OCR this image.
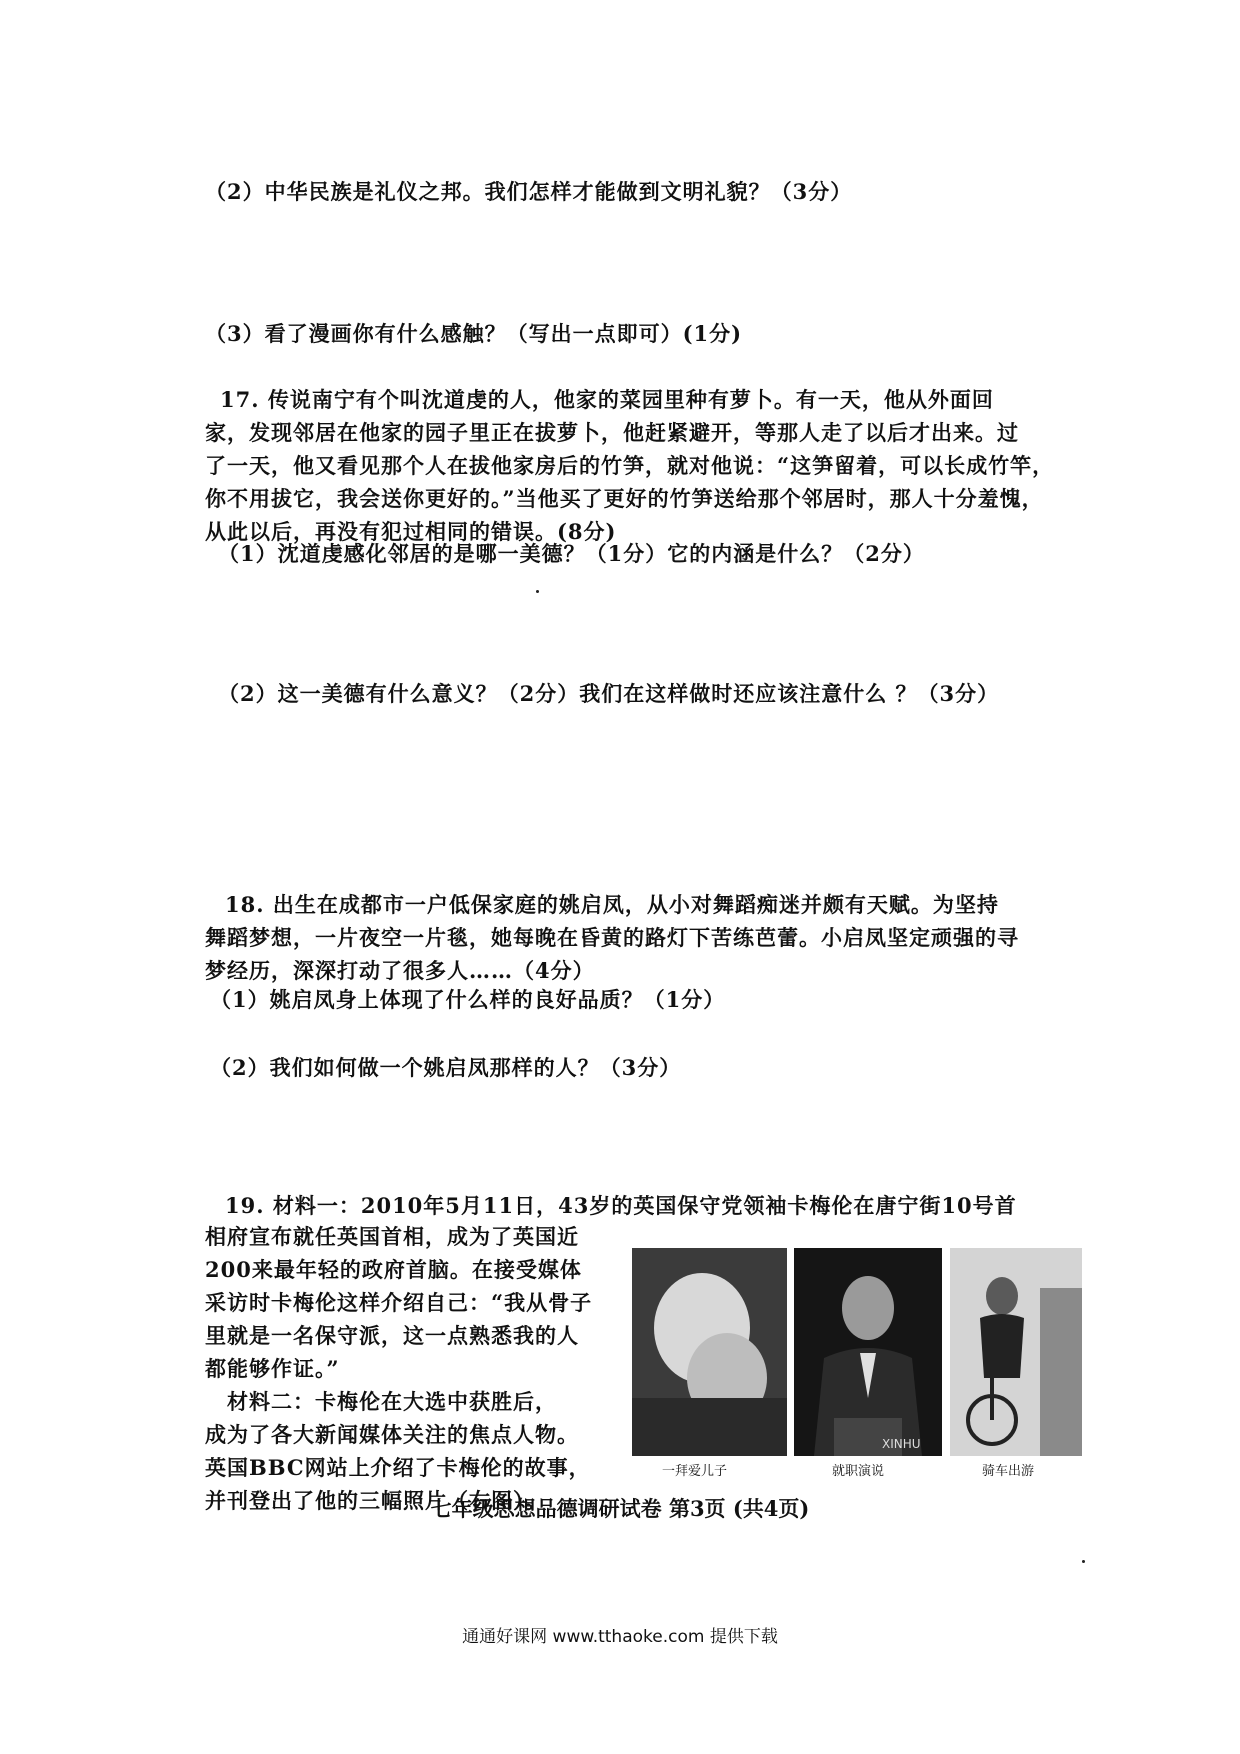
（2）中华民族是礼仪之邦。我们怎样才能做到文明礼貌？（3分）
（3）看了漫画你有什么感触？（写出一点即可）(1分)
17. 传说南宁有个叫沈道虔的人，他家的菜园里种有萝卜。有一天，他从外面回
家，发现邻居在他家的园子里正在拔萝卜，他赶紧避开，等那人走了以后才出来。过
了一天，他又看见那个人在拔他家房后的竹笋，就对他说：“这笋留着，可以长成竹竿，
你不用拔它，我会送你更好的。”当他买了更好的竹笋送给那个邻居时，那人十分羞愧，
从此以后，再没有犯过相同的错误。(8分)
（1）沈道虔感化邻居的是哪一美德？（1分）它的内涵是什么？（2分）
（2）这一美德有什么意义？（2分）我们在这样做时还应该注意什么 ？（3分）
18. 出生在成都市一户低保家庭的姚启凤，从小对舞蹈痴迷并颇有天赋。为坚持
舞蹈梦想，一片夜空一片毯，她每晚在昏黄的路灯下苦练芭蕾。小启凤坚定顽强的寻
梦经历，深深打动了很多人……（4分）
（1）姚启凤身上体现了什么样的良好品质？（1分）
（2）我们如何做一个姚启凤那样的人？（3分）
19. 材料一：2010年5月11日，43岁的英国保守党领袖卡梅伦在唐宁街10号首
相府宣布就任英国首相，成为了英国近
200来最年轻的政府首脑。在接受媒体
采访时卡梅伦这样介绍自己：“我从骨子
里就是一名保守派，这一点熟悉我的人
都能够作证。”
　材料二：卡梅伦在大选中获胜后，
成为了各大新闻媒体关注的焦点人物。
英国BBC网站上介绍了卡梅伦的故事，
并刊登出了他的三幅照片（右图）。
XINHU
一拜爱儿子	就职演说	骑车出游
七年级思想品德调研试卷 第3页 (共4页)
通通好课网 www.tthaoke.com 提供下载
